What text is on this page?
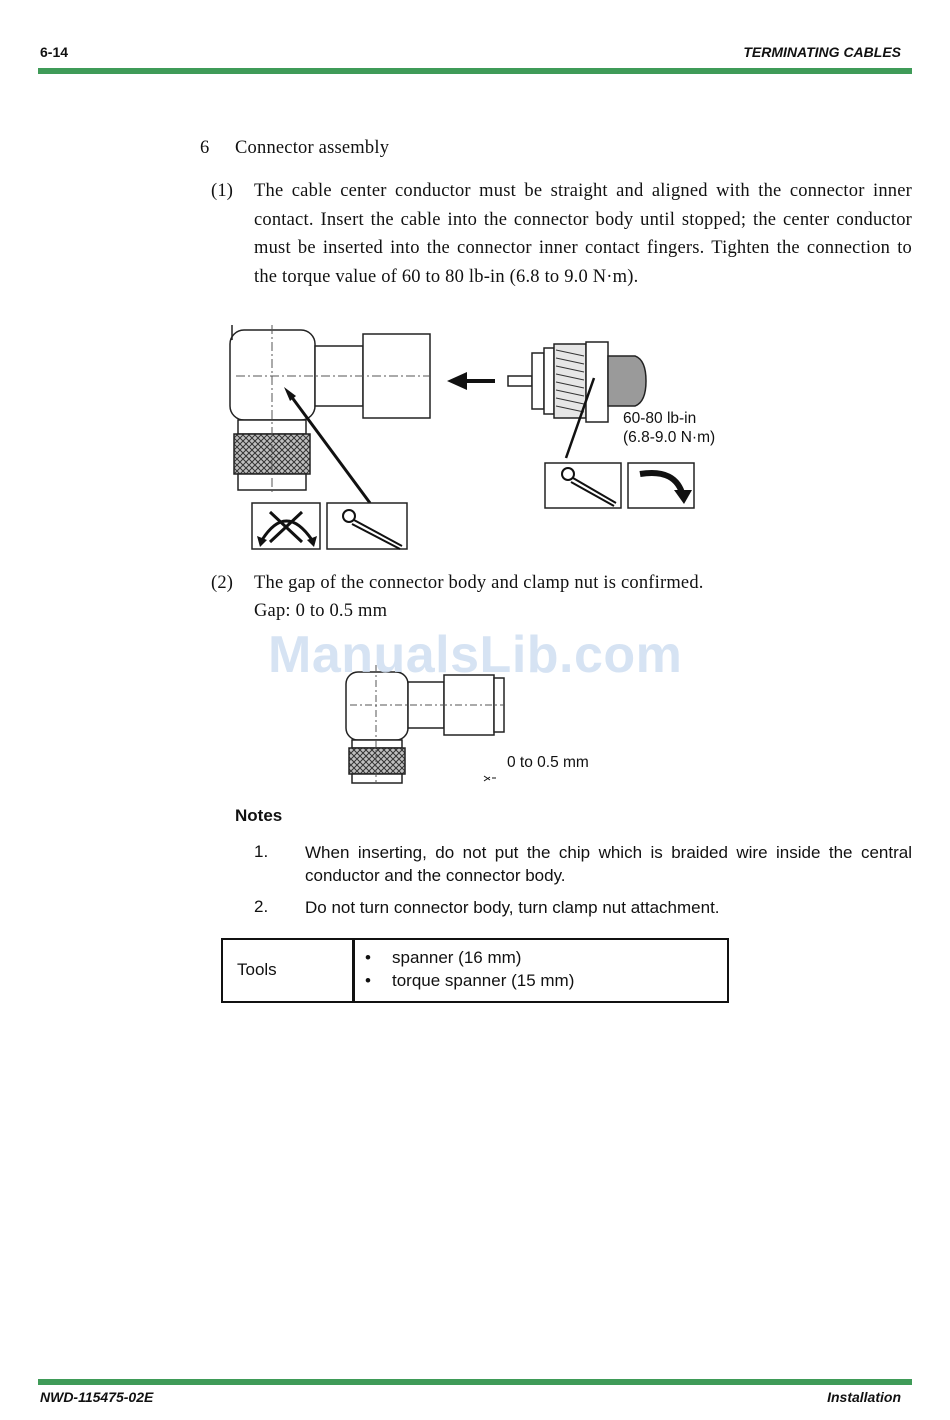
6-14	TERMINATING CABLES
6 Connector assembly
(1) The cable center conductor must be straight and aligned with the connector inner contact. Insert the cable into the connector body until stopped; the center conductor must be inserted into the connector inner contact fingers. Tighten the connection to the torque value of 60 to 80 lb-in (6.8 to 9.0 N·m).
60-80 lb-in
(6.8-9.0 N·m)
(2) The gap of the connector body and clamp nut is confirmed.
Gap: 0 to 0.5 mm
ManualsLib.com
0 to 0.5 mm
Notes
1. When inserting, do not put the chip which is braided wire inside the central conductor and the connector body.
2. Do not turn connector body, turn clamp nut attachment.
Tools
• spanner (16 mm)
• torque spanner (15 mm)
NWD-115475-02E	Installation
